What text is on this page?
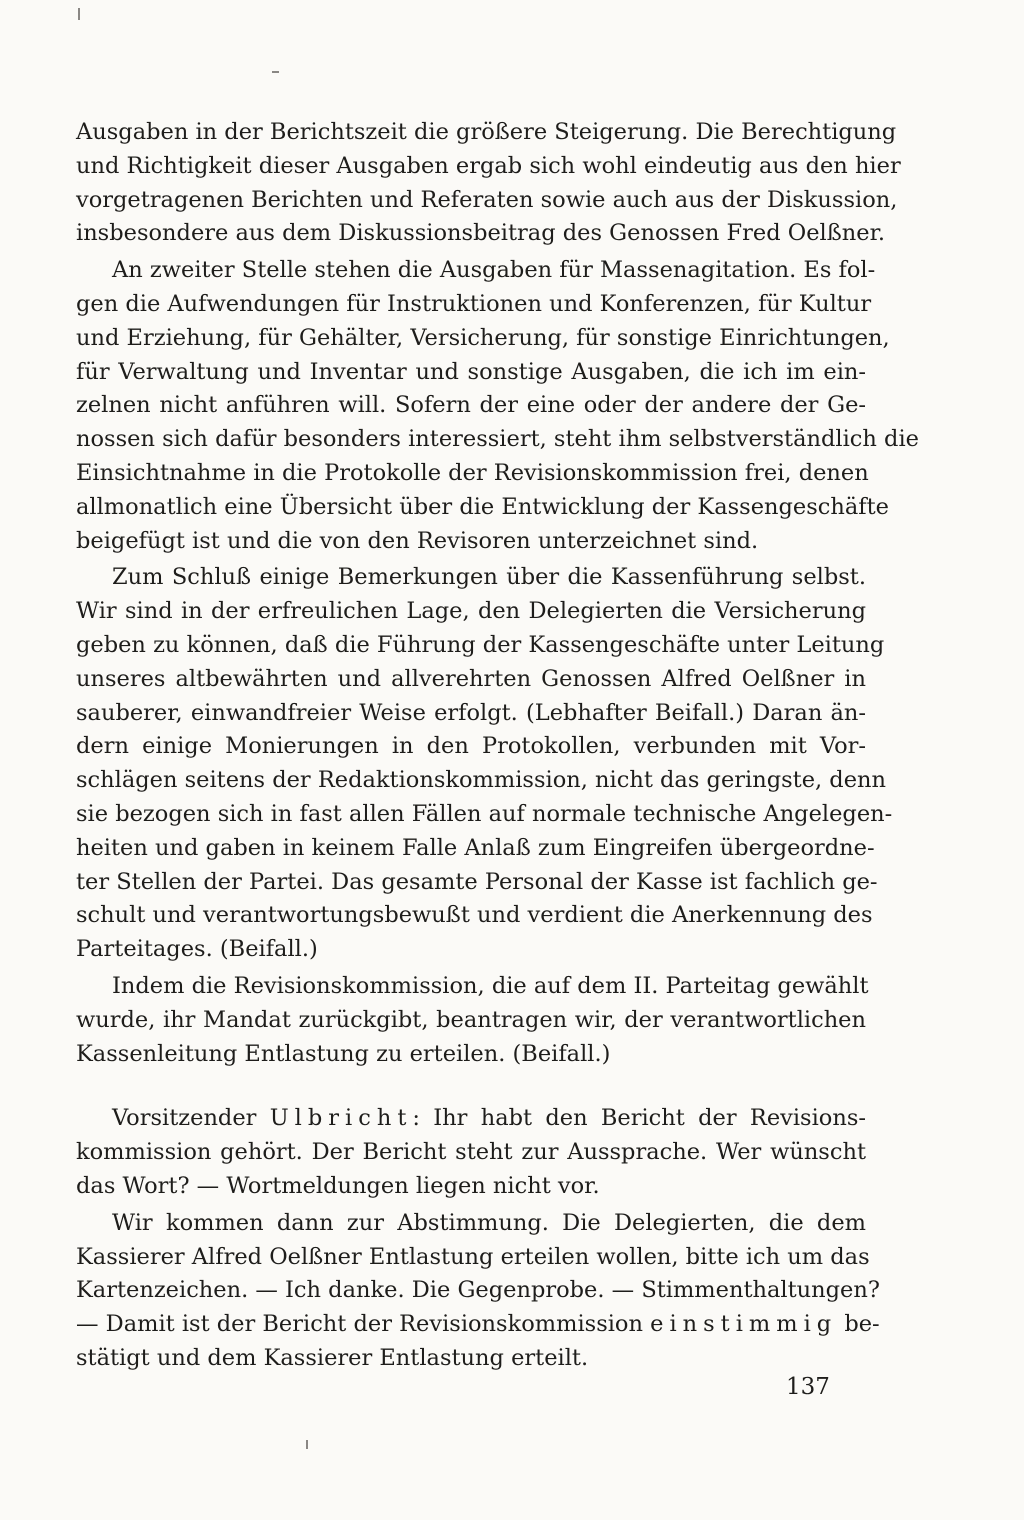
Ausgaben in der Berichtszeit die größere Steigerung. Die Berechtigung
und Richtigkeit dieser Ausgaben ergab sich wohl eindeutig aus den hier
vorgetragenen Berichten und Referaten sowie auch aus der Diskussion,
insbesondere aus dem Diskussionsbeitrag des Genossen Fred Oelßner.
An zweiter Stelle stehen die Ausgaben für Massenagitation. Es fol-
gen die Aufwendungen für Instruktionen und Konferenzen, für Kultur
und Erziehung, für Gehälter, Versicherung, für sonstige Einrichtungen,
für Verwaltung und Inventar und sonstige Ausgaben, die ich im ein-
zelnen nicht anführen will. Sofern der eine oder der andere der Ge-
nossen sich dafür besonders interessiert, steht ihm selbstverständlich die
Einsichtnahme in die Protokolle der Revisionskommission frei, denen
allmonatlich eine Übersicht über die Entwicklung der Kassengeschäfte
beigefügt ist und die von den Revisoren unterzeichnet sind.
Zum Schluß einige Bemerkungen über die Kassenführung selbst.
Wir sind in der erfreulichen Lage, den Delegierten die Versicherung
geben zu können, daß die Führung der Kassengeschäfte unter Leitung
unseres altbewährten und allverehrten Genossen Alfred Oelßner in
sauberer, einwandfreier Weise erfolgt. (Lebhafter Beifall.) Daran än-
dern einige Monierungen in den Protokollen, verbunden mit Vor-
schlägen seitens der Redaktionskommission, nicht das geringste, denn
sie bezogen sich in fast allen Fällen auf normale technische Angelegen-
heiten und gaben in keinem Falle Anlaß zum Eingreifen übergeordne-
ter Stellen der Partei. Das gesamte Personal der Kasse ist fachlich ge-
schult und verantwortungsbewußt und verdient die Anerkennung des
Parteitages. (Beifall.)
Indem die Revisionskommission, die auf dem II. Parteitag gewählt
wurde, ihr Mandat zurückgibt, beantragen wir, der verantwortlichen
Kassenleitung Entlastung zu erteilen. (Beifall.)
Vorsitzender Ulbricht: Ihr habt den Bericht der Revisions-
kommission gehört. Der Bericht steht zur Aussprache. Wer wünscht
das Wort? — Wortmeldungen liegen nicht vor.
Wir kommen dann zur Abstimmung. Die Delegierten, die dem
Kassierer Alfred Oelßner Entlastung erteilen wollen, bitte ich um das
Kartenzeichen. — Ich danke. Die Gegenprobe. — Stimmenthaltungen?
— Damit ist der Bericht der Revisionskommission einstimmig be-
stätigt und dem Kassierer Entlastung erteilt.
137
